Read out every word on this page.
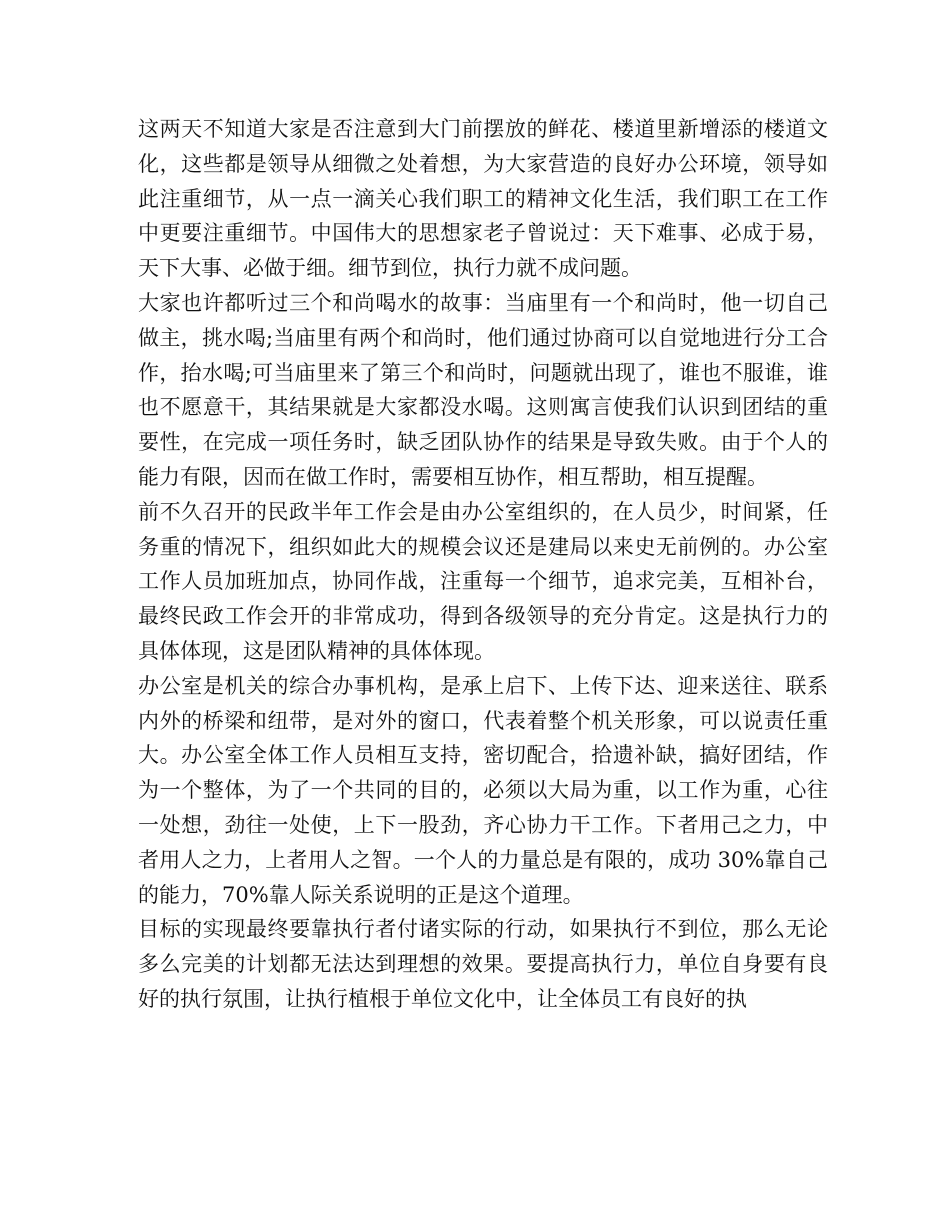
这两天不知道大家是否注意到大门前摆放的鲜花、楼道里新增添的楼道文化，这些都是领导从细微之处着想，为大家营造的良好办公环境，领导如此注重细节，从一点一滴关心我们职工的精神文化生活，我们职工在工作中更要注重细节。中国伟大的思想家老子曾说过：天下难事、必成于易，天下大事、必做于细。细节到位，执行力就不成问题。

大家也许都听过三个和尚喝水的故事：当庙里有一个和尚时，他一切自己做主，挑水喝;当庙里有两个和尚时，他们通过协商可以自觉地进行分工合作，抬水喝;可当庙里来了第三个和尚时，问题就出现了，谁也不服谁，谁也不愿意干，其结果就是大家都没水喝。这则寓言使我们认识到团结的重要性，在完成一项任务时，缺乏团队协作的结果是导致失败。由于个人的能力有限，因而在做工作时，需要相互协作，相互帮助，相互提醒。

前不久召开的民政半年工作会是由办公室组织的，在人员少，时间紧，任务重的情况下，组织如此大的规模会议还是建局以来史无前例的。办公室工作人员加班加点，协同作战，注重每一个细节，追求完美，互相补台，最终民政工作会开的非常成功，得到各级领导的充分肯定。这是执行力的具体体现，这是团队精神的具体体现。

办公室是机关的综合办事机构，是承上启下、上传下达、迎来送往、联系内外的桥梁和纽带，是对外的窗口，代表着整个机关形象，可以说责任重大。办公室全体工作人员相互支持，密切配合，拾遗补缺，搞好团结，作为一个整体，为了一个共同的目的，必须以大局为重，以工作为重，心往一处想，劲往一处使，上下一股劲，齐心协力干工作。下者用己之力，中者用人之力，上者用人之智。一个人的力量总是有限的，成功 30%靠自己的能力，70%靠人际关系说明的正是这个道理。

目标的实现最终要靠执行者付诸实际的行动，如果执行不到位，那么无论多么完美的计划都无法达到理想的效果。要提高执行力，单位自身要有良好的执行氛围，让执行植根于单位文化中，让全体员工有良好的执
